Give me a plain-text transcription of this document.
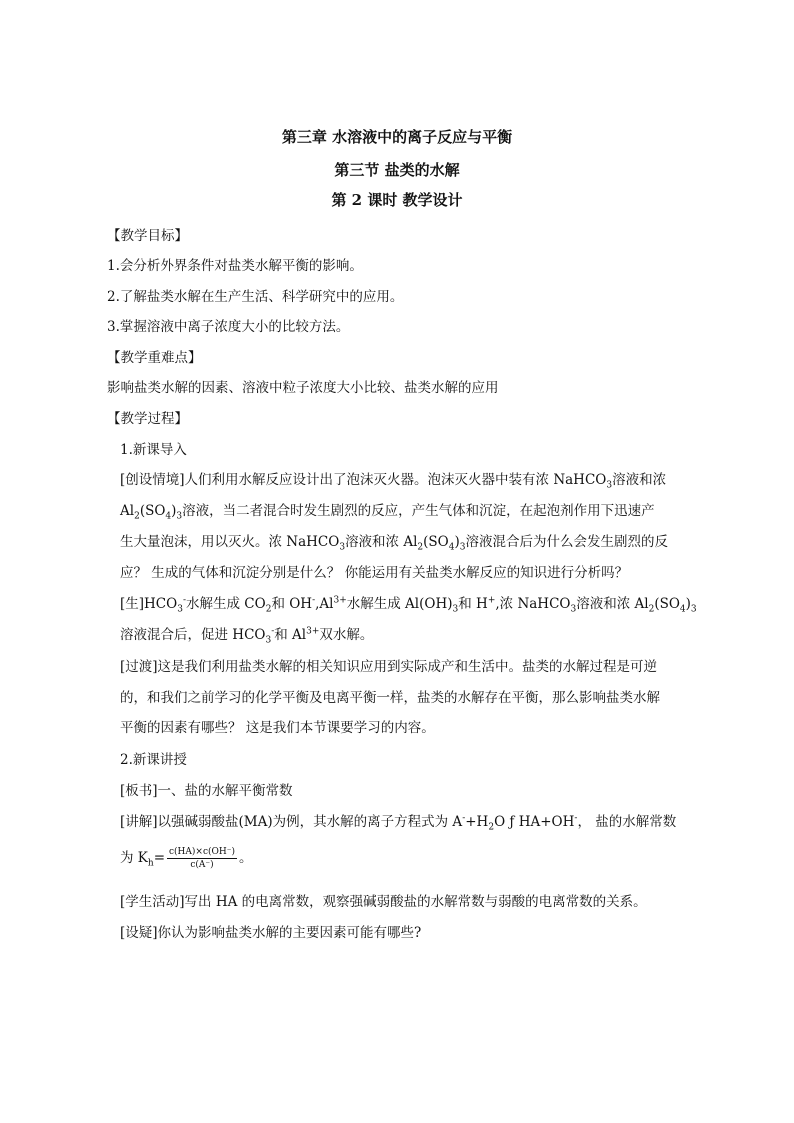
第三章 水溶液中的离子反应与平衡
第三节 盐类的水解
第 2 课时 教学设计
【教学目标】
1.会分析外界条件对盐类水解平衡的影响。
2.了解盐类水解在生产生活、科学研究中的应用。
3.掌握溶液中离子浓度大小的比较方法。
【教学重难点】
影响盐类水解的因素、溶液中粒子浓度大小比较、盐类水解的应用
【教学过程】
1.新课导入
[创设情境]人们利用水解反应设计出了泡沫灭火器。泡沫灭火器中装有浓 NaHCO$_3$溶液和浓
$Al_2(SO_4)_3$溶液，当二者混合时发生剧烈的反应，产生气体和沉淀，在起泡剂作用下迅速产
生大量泡沫，用以灭火。浓 NaHCO$_3$溶液和浓 $Al_2(SO_4)_3$溶液混合后为什么会发生剧烈的反
应？ 生成的气体和沉淀分别是什么？ 你能运用有关盐类水解反应的知识进行分析吗？
[生]$HCO_3^-$水解生成 $CO_2$和 $OH^-,Al^{3+}$水解生成 $Al(OH)_3$和 H+,浓 NaHCO$_3$溶液和浓 $Al_2(SO_4)_3$
溶液混合后，促进 $HCO_3^-$和 $Al^{3+}$双水解。
[过渡]这是我们利用盐类水解的相关知识应用到实际成产和生活中。盐类的水解过程是可逆
的，和我们之前学习的化学平衡及电离平衡一样，盐类的水解存在平衡，那么影响盐类水解
平衡的因素有哪些？ 这是我们本节课要学习的内容。
2.新课讲授
[板书]一、盐的水解平衡常数
[讲解]以强碱弱酸盐(MA)为例，其水解的离子方程式为 $A^-+H_2O$ ƒ HA+OH-， 盐的水解常数
为 $K_h= \frac{c(HA)\times c(OH^-)}{c(A^-)}$ 。
[学生活动]写出 HA 的电离常数，观察强碱弱酸盐的水解常数与弱酸的电离常数的关系。
[设疑]你认为影响盐类水解的主要因素可能有哪些?
